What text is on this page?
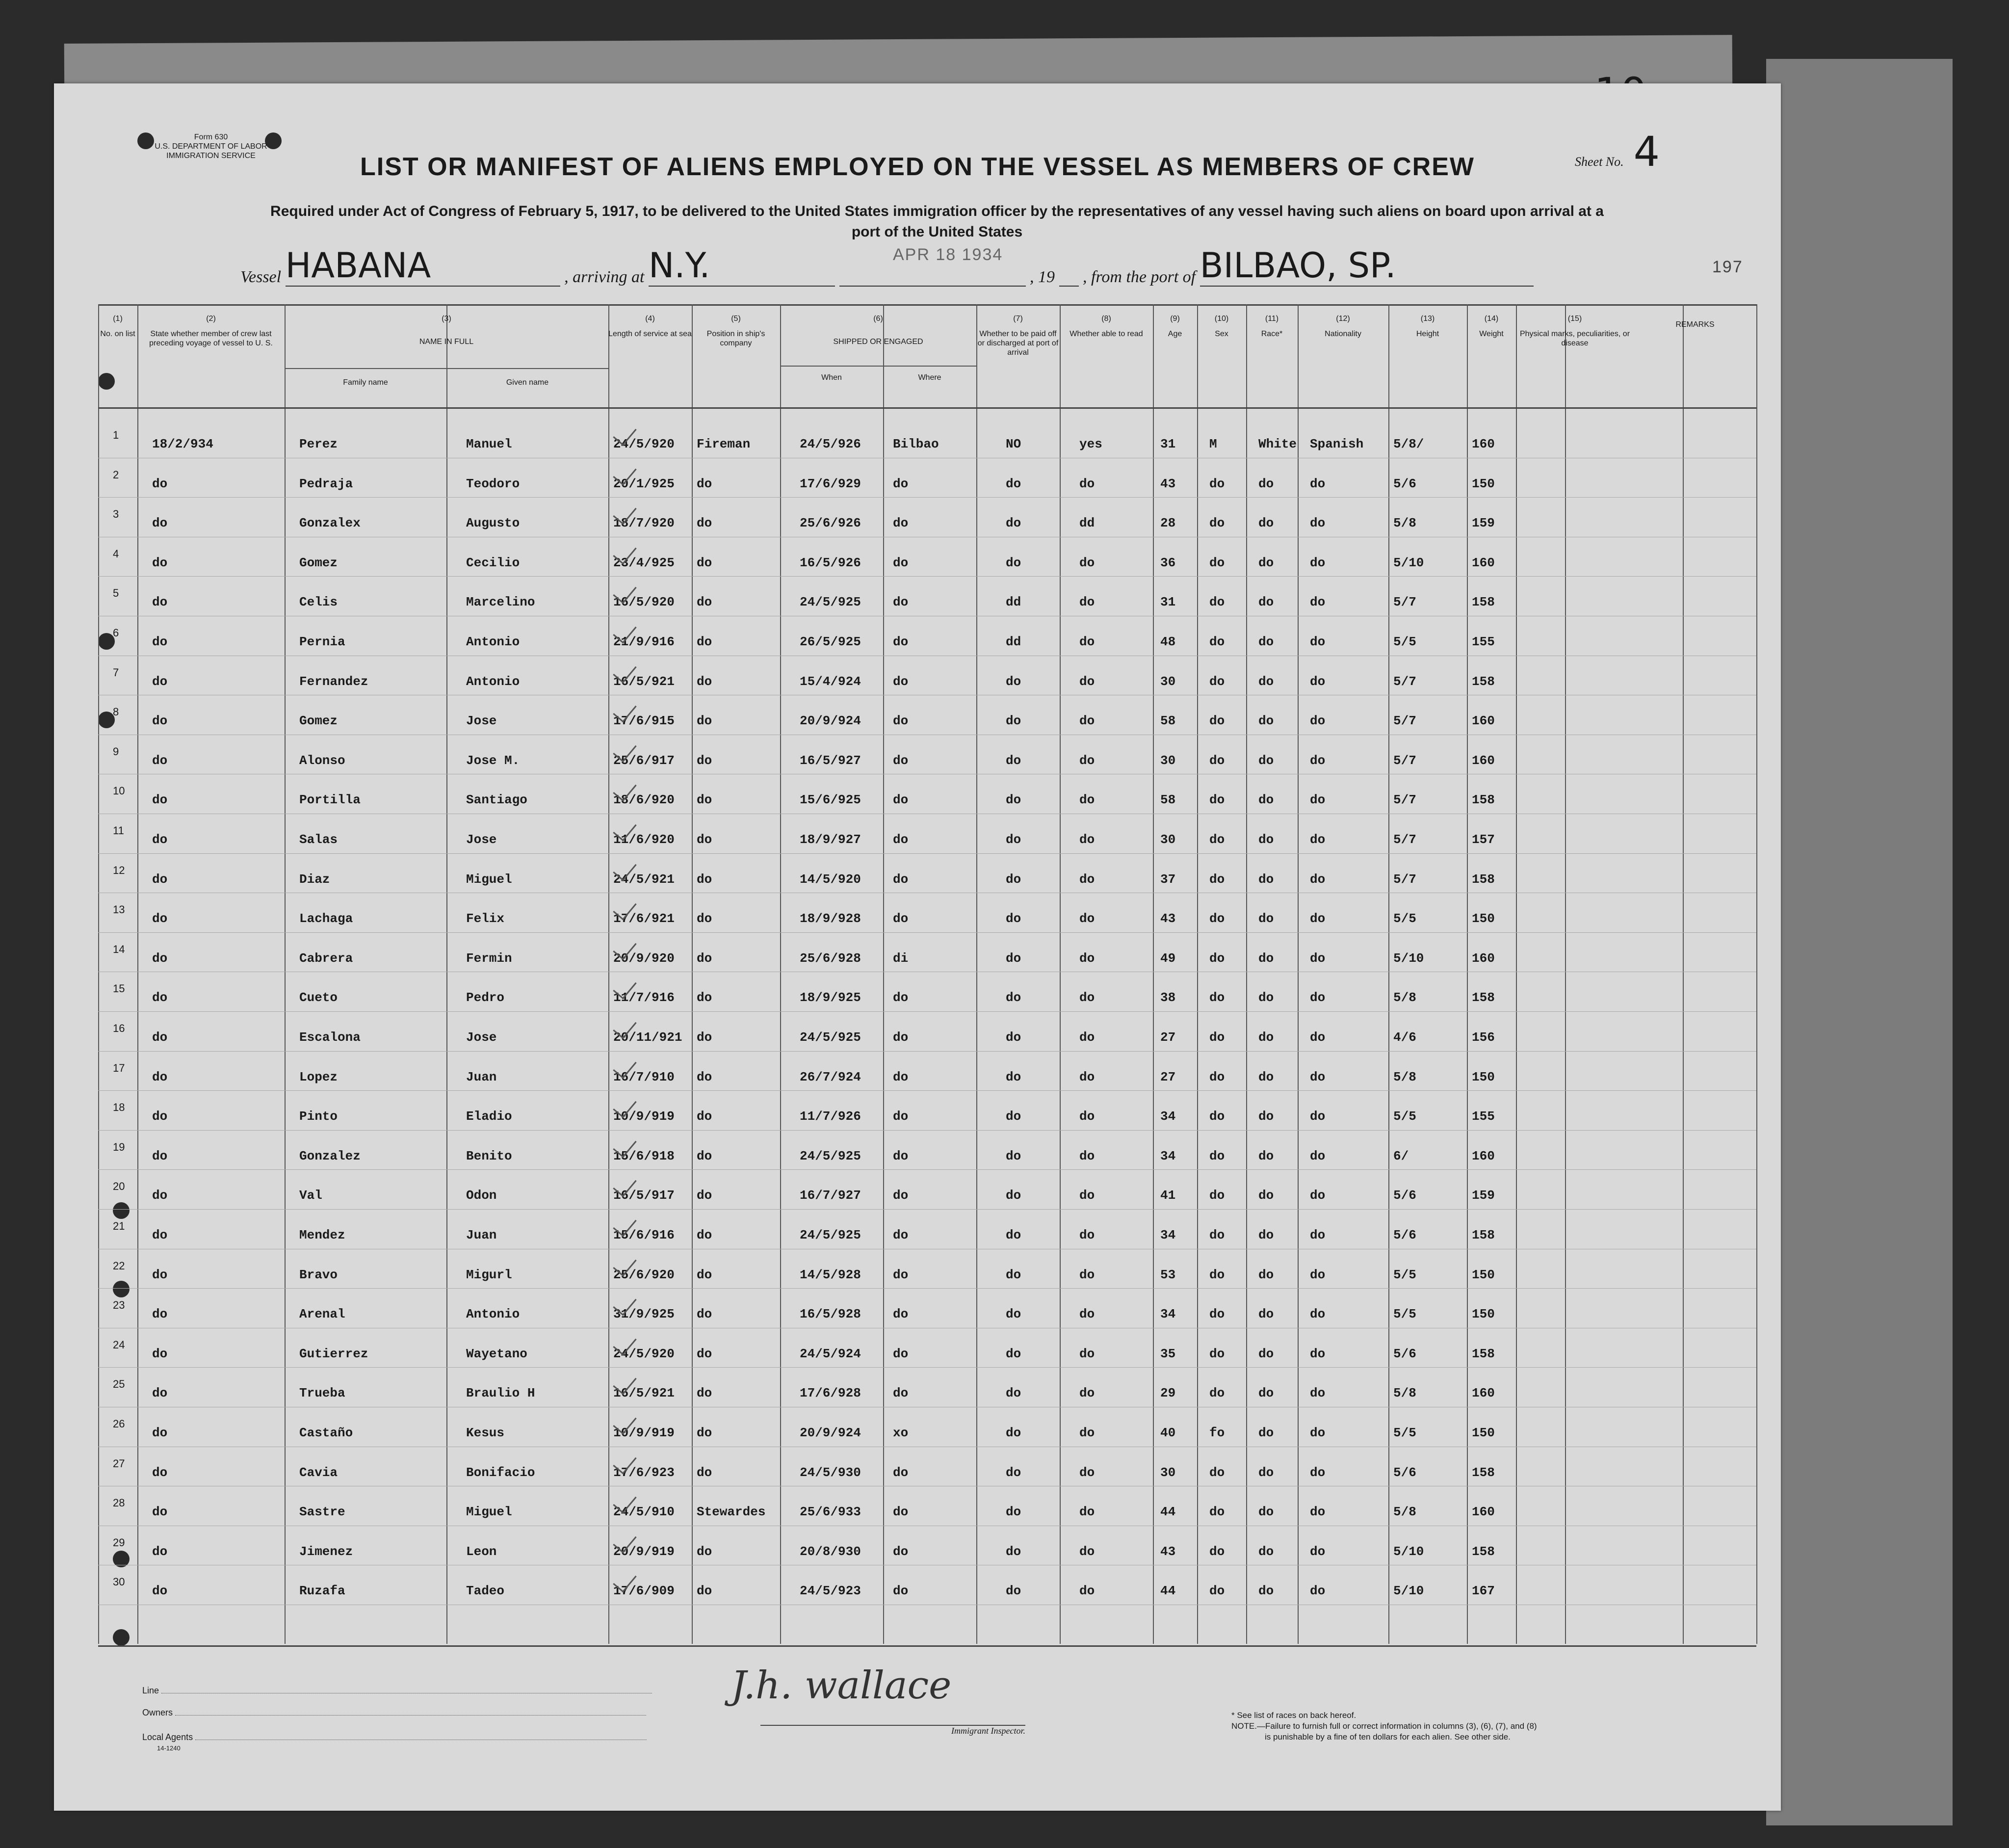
Form 630
U.S. DEPARTMENT OF LABOR
IMMIGRATION SERVICE	Sheet No. 4
LIST OR MANIFEST OF ALIENS EMPLOYED ON THE VESSEL AS MEMBERS OF CREW
Required under Act of Congress of February 5, 1917, to be delivered to the United States immigration officer by the representatives of any vessel having such aliens on board upon arrival at a
port of the United States
Vessel HABANA	, arriving at N.Y.	, 19 , from the port of BILBAO, SP.
APR 18 1934
197
(1)
No. on list
(2)
State whether member of crew last preceding voyage of vessel to U. S.
(3)
NAME IN FULL
Family name	Given name
(4)
Length of service at sea
(5)
Position in ship's company
(6)
SHIPPED OR ENGAGED
When	Where
(7)
Whether to be paid off or discharged at port of arrival
(8)
Whether able to read
(9)
Age
(10)
Sex
(11)
Race*
(12)
Nationality
(13)
Height
(14)
Weight
(15)
Physical marks, peculiarities, or disease
REMARKS
1
18/2/934	Perez	Manuel	24/5/920 Fireman	24/5/926	Bilbao	NO	yes	31	M	White Spanish 5/8/	160
2
do	Pedraja	Teodoro	20/1/925 do	17/6/929	do	do	do	43	do	do	do	5/6	150
3
do	Gonzalex	Augusto	18/7/920 do	25/6/926	do	do	dd	28	do	do	do	5/8	159
4
do	Gomez	Cecilio	23/4/925 do	16/5/926	do	do	do	36	do	do	do	5/10	160
5
do	Celis	Marcelino	16/5/920 do	24/5/925	do	dd	do	31	do	do	do	5/7	158
6
do	Pernia	Antonio	21/9/916 do	26/5/925	do	dd	do	48	do	do	do	5/5	155
7
do	Fernandez	Antonio	16/5/921 do	15/4/924	do	do	do	30	do	do	do	5/7	158
8
do	Gomez	Jose	17/6/915 do	20/9/924	do	do	do	58	do	do	do	5/7	160
9
do	Alonso	Jose M.	25/6/917 do	16/5/927	do	do	do	30	do	do	do	5/7	160
10
do	Portilla	Santiago	18/6/920 do	15/6/925	do	do	do	58	do	do	do	5/7	158
11
do	Salas	Jose	11/6/920 do	18/9/927	do	do	do	30	do	do	do	5/7	157
12
do	Diaz	Miguel	24/5/921 do	14/5/920	do	do	do	37	do	do	do	5/7	158
13
do	Lachaga	Felix	17/6/921 do	18/9/928	do	do	do	43	do	do	do	5/5	150
14
do	Cabrera	Fermin	20/9/920 do	25/6/928	di	do	do	49	do	do	do	5/10	160
15
do	Cueto	Pedro	11/7/916 do	18/9/925	do	do	do	38	do	do	do	5/8	158
16
do	Escalona	Jose	20/11/921 do	24/5/925	do	do	do	27	do	do	do	4/6	156
17
do	Lopez	Juan	16/7/910 do	26/7/924	do	do	do	27	do	do	do	5/8	150
18
do	Pinto	Eladio	10/9/919 do	11/7/926	do	do	do	34	do	do	do	5/5	155
19
do	Gonzalez	Benito	15/6/918 do	24/5/925	do	do	do	34	do	do	do	6/	160
20
do	Val	Odon	16/5/917 do	16/7/927	do	do	do	41	do	do	do	5/6	159
21
do	Mendez	Juan	15/6/916 do	24/5/925	do	do	do	34	do	do	do	5/6	158
22
do	Bravo	Migurl	25/6/920 do	14/5/928	do	do	do	53	do	do	do	5/5	150
23
do	Arenal	Antonio	31/9/925 do	16/5/928	do	do	do	34	do	do	do	5/5	150
24
do	Gutierrez	Wayetano	24/5/920 do	24/5/924	do	do	do	35	do	do	do	5/6	158
25
do	Trueba	Braulio H	16/5/921 do	17/6/928	do	do	do	29	do	do	do	5/8	160
26
do	Castaño	Kesus	10/9/919 do	20/9/924	xo	do	do	40	fo	do	do	5/5	150
27
do	Cavia	Bonifacio	17/6/923 do	24/5/930	do	do	do	30	do	do	do	5/6	158
28
do	Sastre	Miguel	24/5/910 Stewardes	25/6/933	do	do	do	44	do	do	do	5/8	160
29
do	Jimenez	Leon	20/9/919 do	20/8/930	do	do	do	43	do	do	do	5/10	158
30
do	Ruzafa	Tadeo	17/6/909 do	24/5/923	do	do	do	44	do	do	do	5/10	167
Line
Owners
Local Agents
14-1240
J.h. wallace
Immigrant Inspector.
* See list of races on back hereof.
NOTE.—Failure to furnish full or correct information in columns (3), (6), (7), and (8)
is punishable by a fine of ten dollars for each alien. See other side.
